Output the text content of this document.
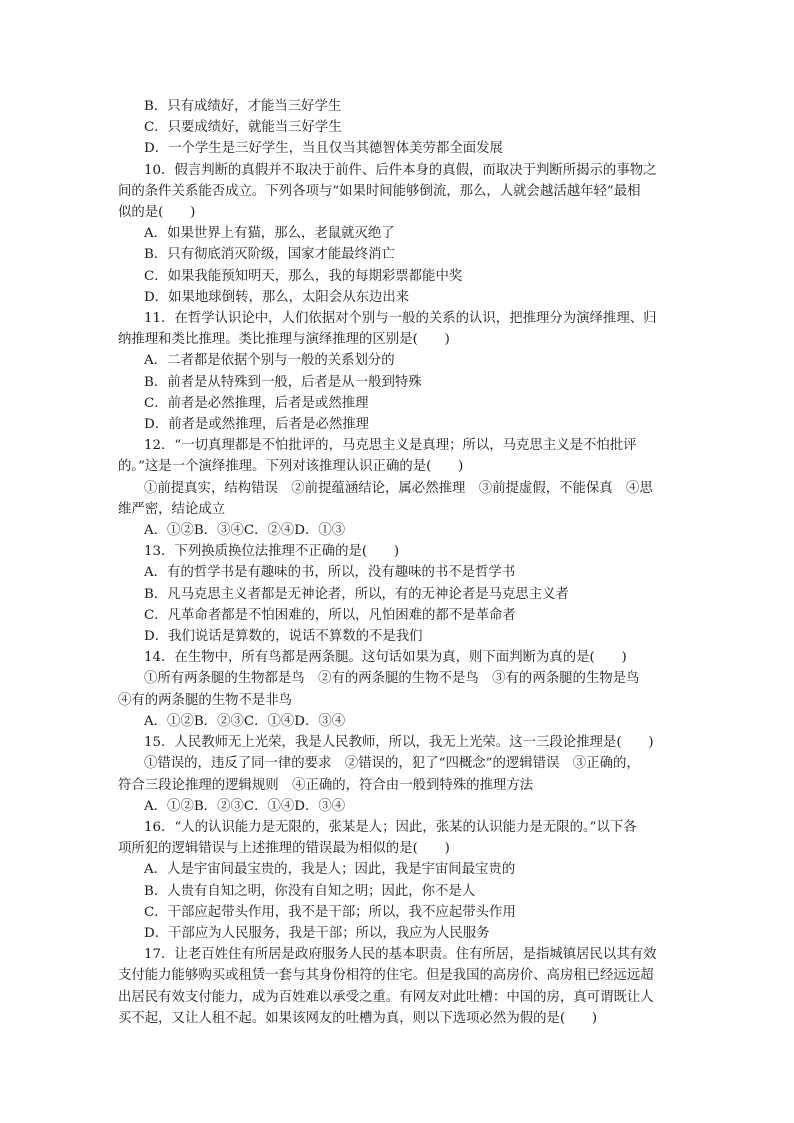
B．只有成绩好，才能当三好学生
C．只要成绩好，就能当三好学生
D．一个学生是三好学生，当且仅当其德智体美劳都全面发展
10．假言判断的真假并不取决于前件、后件本身的真假，而取决于判断所揭示的事物之
间的条件关系能否成立。下列各项与“如果时间能够倒流，那么，人就会越活越年轻”最相
似的是(　　)
A．如果世界上有猫，那么，老鼠就灭绝了
B．只有彻底消灭阶级，国家才能最终消亡
C．如果我能预知明天，那么，我的每期彩票都能中奖
D．如果地球倒转，那么，太阳会从东边出来
11．在哲学认识论中，人们依据对个别与一般的关系的认识，把推理分为演绎推理、归
纳推理和类比推理。类比推理与演绎推理的区别是(　　)
A．二者都是依据个别与一般的关系划分的
B．前者是从特殊到一般，后者是从一般到特殊
C．前者是必然推理，后者是或然推理
D．前者是或然推理，后者是必然推理
12．“一切真理都是不怕批评的，马克思主义是真理；所以，马克思主义是不怕批评
的。”这是一个演绎推理。下列对该推理认识正确的是(　　)
①前提真实，结构错误　②前提蕴涵结论，属必然推理　③前提虚假，不能保真　④思
维严密，结论成立
A．①②B．③④C．②④D．①③
13．下列换质换位法推理不正确的是(　　)
A．有的哲学书是有趣味的书，所以，没有趣味的书不是哲学书
B．凡马克思主义者都是无神论者，所以，有的无神论者是马克思主义者
C．凡革命者都是不怕困难的，所以，凡怕困难的都不是革命者
D．我们说话是算数的，说话不算数的不是我们
14．在生物中，所有鸟都是两条腿。这句话如果为真，则下面判断为真的是(　　)
①所有两条腿的生物都是鸟　②有的两条腿的生物不是鸟　③有的两条腿的生物是鸟
④有的两条腿的生物不是非鸟
A．①②B．②③C．①④D．③④
15．人民教师无上光荣，我是人民教师，所以，我无上光荣。这一三段论推理是(　　)
①错误的，违反了同一律的要求　②错误的，犯了“四概念”的逻辑错误　③正确的，
符合三段论推理的逻辑规则　④正确的，符合由一般到特殊的推理方法
A．①②B．②③C．①④D．③④
16．“人的认识能力是无限的，张某是人；因此，张某的认识能力是无限的。”以下各
项所犯的逻辑错误与上述推理的错误最为相似的是(　　)
A．人是宇宙间最宝贵的，我是人；因此，我是宇宙间最宝贵的
B．人贵有自知之明，你没有自知之明；因此，你不是人
C．干部应起带头作用，我不是干部；所以，我不应起带头作用
D．干部应为人民服务，我是干部；所以，我应为人民服务
17．让老百姓住有所居是政府服务人民的基本职责。住有所居，是指城镇居民以其有效
支付能力能够购买或租赁一套与其身份相符的住宅。但是我国的高房价、高房租已经远远超
出居民有效支付能力，成为百姓难以承受之重。有网友对此吐槽：中国的房，真可谓既让人
买不起，又让人租不起。如果该网友的吐槽为真，则以下选项必然为假的是(　　)
